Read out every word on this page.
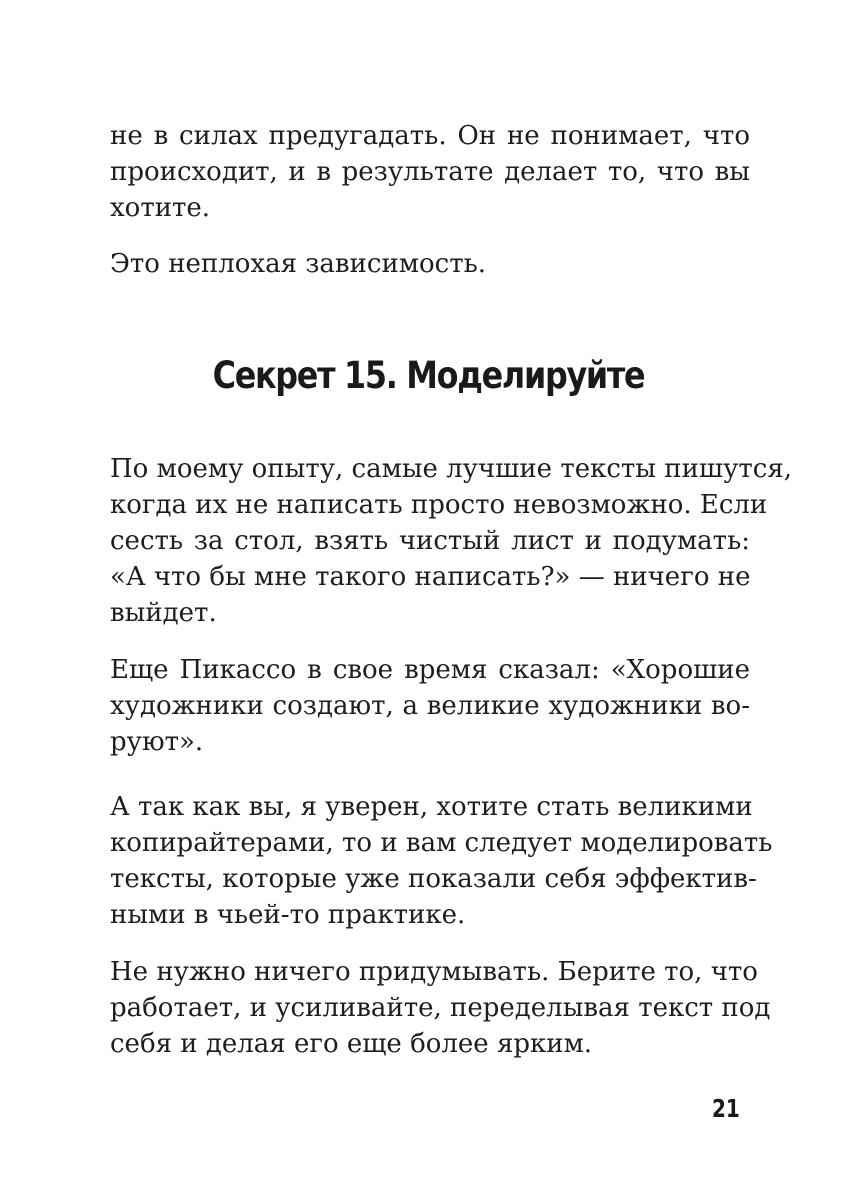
не в силах предугадать. Он не понимает, что
происходит, и в результате делает то, что вы
хотите.
Это неплохая зависимость.
Секрет 15. Моделируйте
По моему опыту, самые лучшие тексты пишутся,
когда их не написать просто невозможно. Если
сесть за стол, взять чистый лист и подумать:
«А что бы мне такого написать?» — ничего не
выйдет.
Еще Пикассо в свое время сказал: «Хорошие
художники создают, а великие художники во-
руют».
А так как вы, я уверен, хотите стать великими
копирайтерами, то и вам следует моделировать
тексты, которые уже показали себя эффектив-
ными в чьей-то практике.
Не нужно ничего придумывать. Берите то, что
работает, и усиливайте, переделывая текст под
себя и делая его еще более ярким.
21
